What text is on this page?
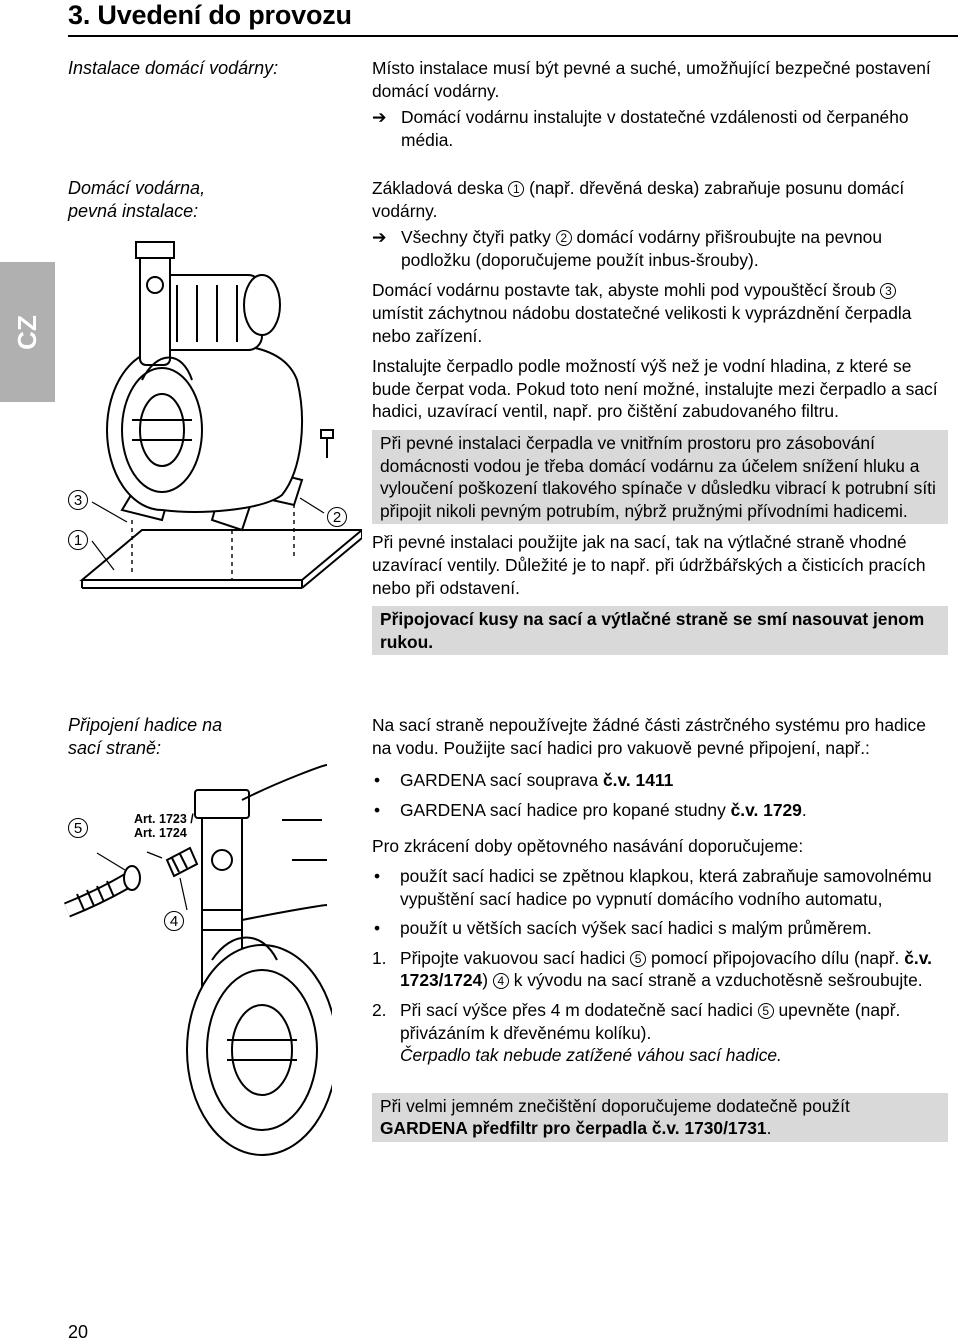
3. Uvedení do provozu
CZ
Instalace domácí vodárny:
Domácí vodárna,
pevná instalace:
Připojení hadice na
sací straně:

Místo instalace musí být pevné a suché, umožňující bezpečné postavení domácí vodárny.

➔ Domácí vodárnu instalujte v dostatečné vzdálenosti od čerpaného média.

Základová deska 1 (např. dřevěná deska) zabraňuje posunu domácí vodárny.

➔ Všechny čtyři patky 2 domácí vodárny přišroubujte na pevnou podložku (doporučujeme použít inbus-šrouby).

Domácí vodárnu postavte tak, abyste mohli pod vypouštěcí šroub 3 umístit záchytnou nádobu dostatečné velikosti k vyprázdnění čerpadla nebo zařízení.

Instalujte čerpadlo podle možností výš než je vodní hladina, z které se bude čerpat voda. Pokud toto není možné, instalujte mezi čerpadlo a sací hadici, uzavírací ventil, např. pro čištění zabudovaného filtru.

Při pevné instalaci čerpadla ve vnitřním prostoru pro zásobování domácnosti vodou je třeba domácí vodárnu za účelem snížení hluku a vyloučení poškození tlakového spínače v důsledku vibrací k potrubní síti připojit nikoli pevným potrubím, nýbrž pružnými přívodními hadicemi.

Při pevné instalaci použijte jak na sací, tak na výtlačné straně vhodné uzavírací ventily. Důležité je to např. při údržbářských a čisticích pracích nebo při odstavení.

Připojovací kusy na sací a výtlačné straně se smí nasouvat jenom rukou.

Na sací straně nepoužívejte žádné části zástrčného systému pro hadice na vodu. Použijte sací hadici pro vakuově pevné připojení, např.:

• GARDENA sací souprava č.v. 1411

• GARDENA sací hadice pro kopané studny č.v. 1729.

Pro zkrácení doby opětovného nasávání doporučujeme:

• použít sací hadici se zpětnou klapkou, která zabraňuje samovolnému vypuštění sací hadice po vypnutí domácího vodního automatu,

• použít u větších sacích výšek sací hadici s malým průměrem.

1. Připojte vakuovou sací hadici 5 pomocí připojovacího dílu (např. č.v. 1723/1724) 4 k vývodu na sací straně a vzduchotěsně sešroubujte.

2. Při sací výšce přes 4 m dodatečně sací hadici 5 upevněte (např. přivázáním k dřevěnému kolíku).
Čerpadlo tak nebude zatížené váhou sací hadice.

Při velmi jemném znečištění doporučujeme dodatečně použít GARDENA předfiltr pro čerpadla č.v. 1730/1731.

3
1
2
Art. 1723 /
Art. 1724
5
4
20
